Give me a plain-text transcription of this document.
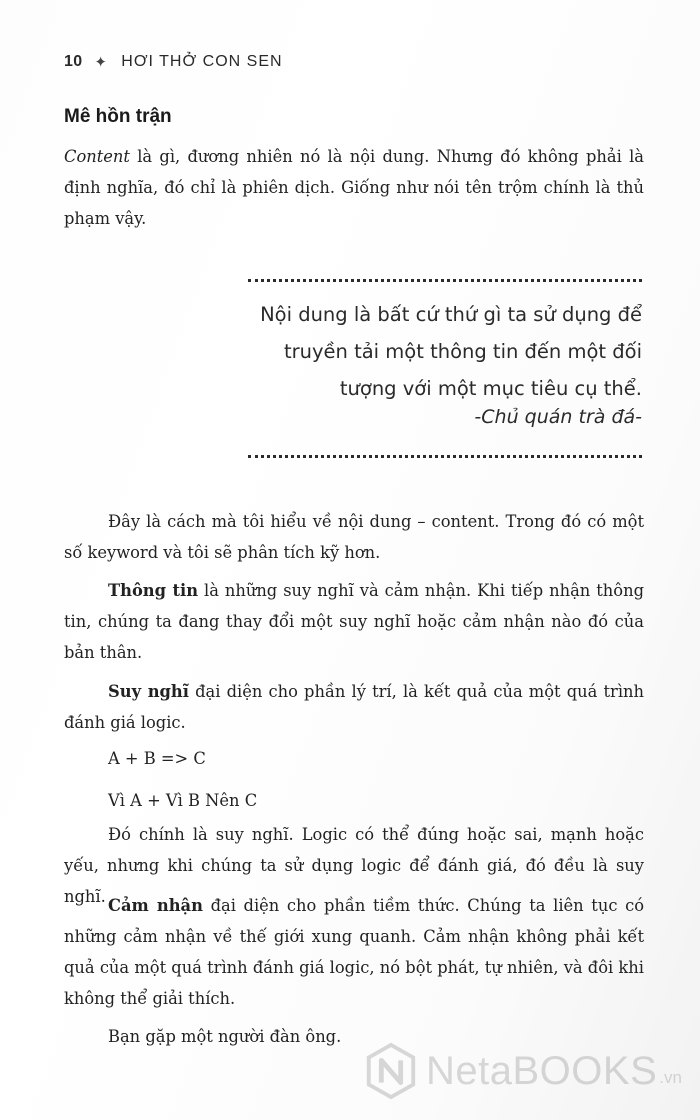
10 ✦ HƠI THỞ CON SEN
Mê hồn trận

Content là gì, đương nhiên nó là nội dung. Nhưng đó không phải là định nghĩa, đó chỉ là phiên dịch. Giống như nói tên trộm chính là thủ phạm vậy.

Nội dung là bất cứ thứ gì ta sử dụng để
truyền tải một thông tin đến một đối
tượng với một mục tiêu cụ thể.
-Chủ quán trà đá-

Đây là cách mà tôi hiểu về nội dung – content. Trong đó có một số keyword và tôi sẽ phân tích kỹ hơn.

Thông tin là những suy nghĩ và cảm nhận. Khi tiếp nhận thông tin, chúng ta đang thay đổi một suy nghĩ hoặc cảm nhận nào đó của bản thân.

Suy nghĩ đại diện cho phần lý trí, là kết quả của một quá trình đánh giá logic.

A + B => C

Vì A + Vì B Nên C

Đó chính là suy nghĩ. Logic có thể đúng hoặc sai, mạnh hoặc yếu, nhưng khi chúng ta sử dụng logic để đánh giá, đó đều là suy nghĩ. Cảm nhận đại diện cho phần tiềm thức. Chúng ta liên tục có những cảm nhận về thế giới xung quanh. Cảm nhận không phải kết quả của một quá trình đánh giá logic, nó bột phát, tự nhiên, và đôi khi không thể giải thích.

Bạn gặp một người đàn ông.

NetaBOOKS .vn
